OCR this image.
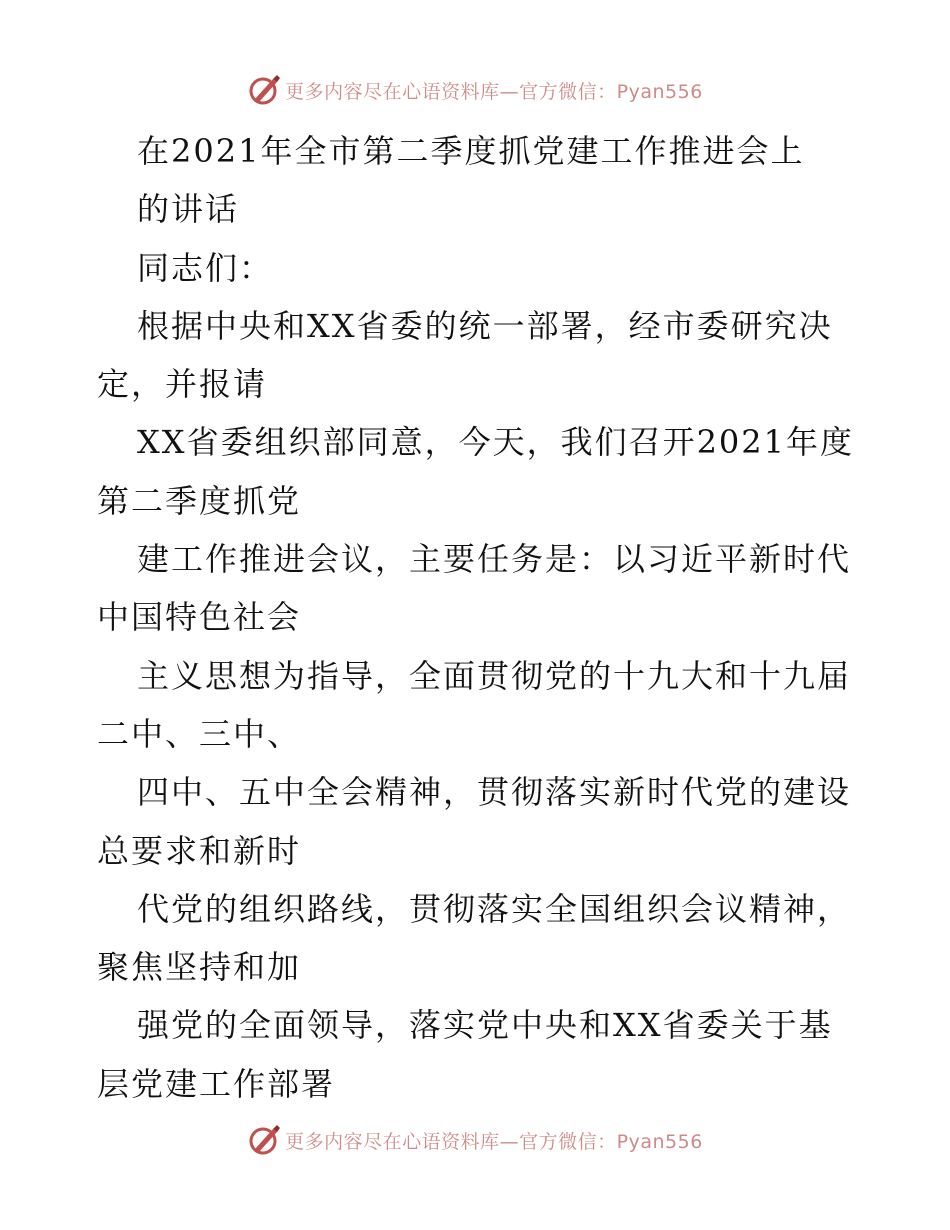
更多内容尽在心语资料库—官方微信：Pyan556
在2021年全市第二季度抓党建工作推进会上
的讲话
同志们：
根据中央和XX省委的统一部署，经市委研究决
定，并报请
XX省委组织部同意，今天，我们召开2021年度
第二季度抓党
建工作推进会议，主要任务是：以习近平新时代
中国特色社会
主义思想为指导，全面贯彻党的十九大和十九届
二中、三中、
四中、五中全会精神，贯彻落实新时代党的建设
总要求和新时
代党的组织路线，贯彻落实全国组织会议精神，
聚焦坚持和加
强党的全面领导，落实党中央和XX省委关于基
层党建工作部署
更多内容尽在心语资料库—官方微信：Pyan556
